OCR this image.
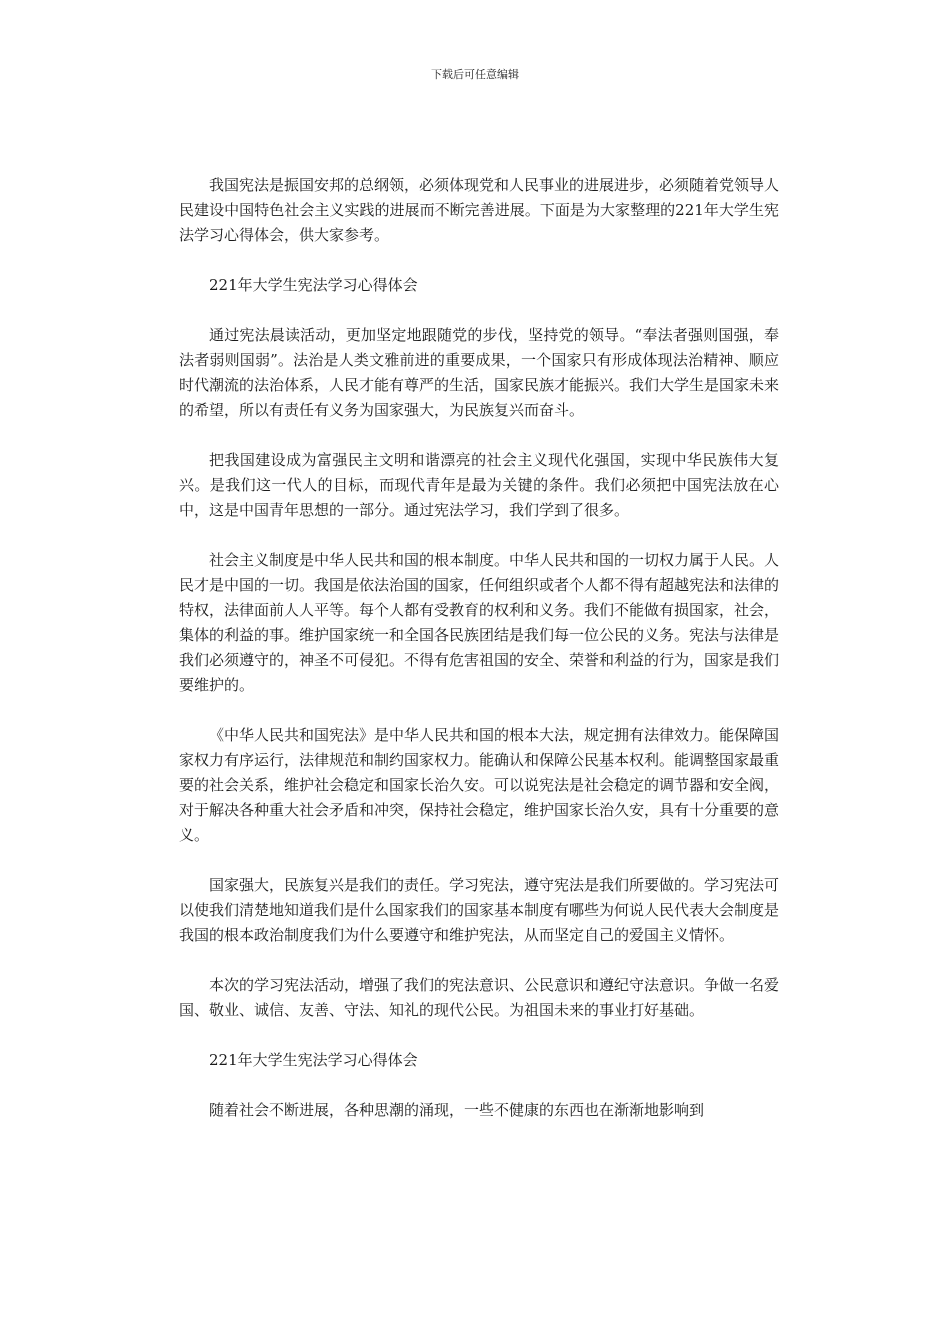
下载后可任意编辑

我国宪法是振国安邦的总纲领，必须体现党和人民事业的进展进步，必须随着党领导人民建设中国特色社会主义实践的进展而不断完善进展。下面是为大家整理的221年大学生宪法学习心得体会，供大家参考。

221年大学生宪法学习心得体会

通过宪法晨读活动，更加坚定地跟随党的步伐，坚持党的领导。“奉法者强则国强，奉法者弱则国弱”。法治是人类文雅前进的重要成果，一个国家只有形成体现法治精神、顺应时代潮流的法治体系，人民才能有尊严的生活，国家民族才能振兴。我们大学生是国家未来的希望，所以有责任有义务为国家强大，为民族复兴而奋斗。

把我国建设成为富强民主文明和谐漂亮的社会主义现代化强国，实现中华民族伟大复兴。是我们这一代人的目标，而现代青年是最为关键的条件。我们必须把中国宪法放在心中，这是中国青年思想的一部分。通过宪法学习，我们学到了很多。

社会主义制度是中华人民共和国的根本制度。中华人民共和国的一切权力属于人民。人民才是中国的一切。我国是依法治国的国家，任何组织或者个人都不得有超越宪法和法律的特权，法律面前人人平等。每个人都有受教育的权利和义务。我们不能做有损国家，社会，集体的利益的事。维护国家统一和全国各民族团结是我们每一位公民的义务。宪法与法律是我们必须遵守的，神圣不可侵犯。不得有危害祖国的安全、荣誉和利益的行为，国家是我们要维护的。

《中华人民共和国宪法》是中华人民共和国的根本大法，规定拥有法律效力。能保障国家权力有序运行，法律规范和制约国家权力。能确认和保障公民基本权利。能调整国家最重要的社会关系，维护社会稳定和国家长治久安。可以说宪法是社会稳定的调节器和安全阀，对于解决各种重大社会矛盾和冲突，保持社会稳定，维护国家长治久安，具有十分重要的意义。

国家强大，民族复兴是我们的责任。学习宪法，遵守宪法是我们所要做的。学习宪法可以使我们清楚地知道我们是什么国家我们的国家基本制度有哪些为何说人民代表大会制度是我国的根本政治制度我们为什么要遵守和维护宪法，从而坚定自己的爱国主义情怀。

本次的学习宪法活动，增强了我们的宪法意识、公民意识和遵纪守法意识。争做一名爱国、敬业、诚信、友善、守法、知礼的现代公民。为祖国未来的事业打好基础。

221年大学生宪法学习心得体会

随着社会不断进展，各种思潮的涌现，一些不健康的东西也在渐渐地影响到
